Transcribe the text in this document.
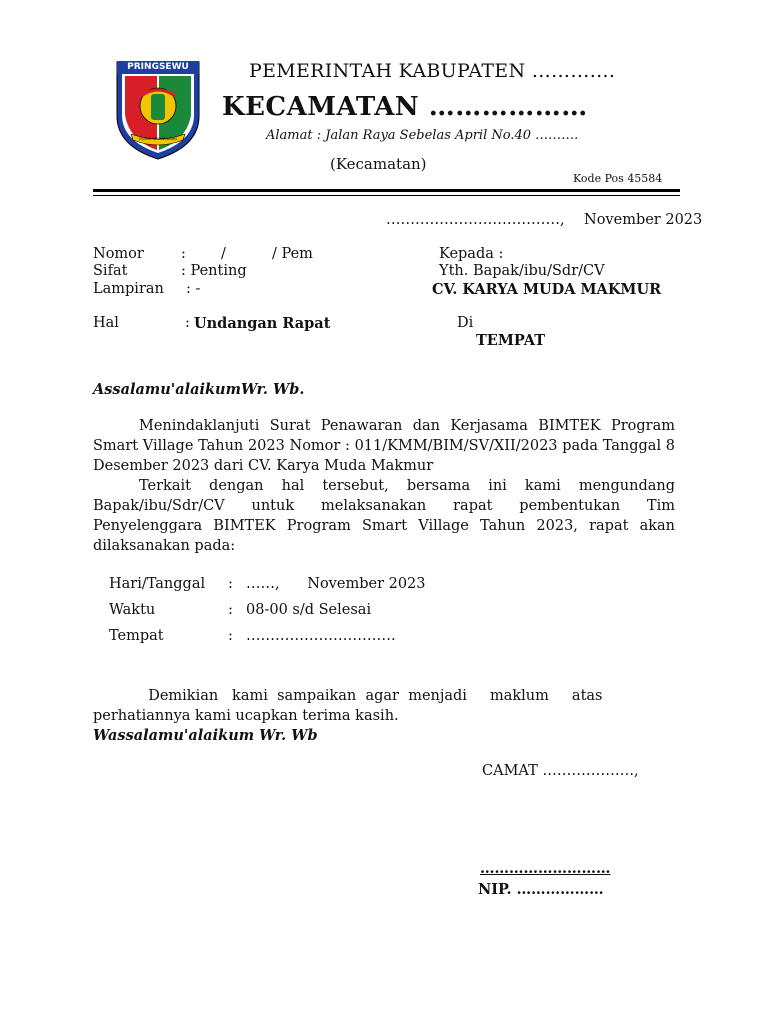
PRINGSEWU
JEJAMA SECANCANAN
PEMERINTAH KABUPATEN ………….
KECAMATAN ………………
Alamat : Jalan Raya Sebelas April No.40 ……….
(Kecamatan)
Kode Pos 45584
………………………………, November 2023
Nomor	: /          / Pem
Sifat	: Penting
Lampiran : -
Hal	: Undangan Rapat
Kepada :
Yth. Bapak/ibu/Sdr/CV
CV. KARYA MUDA MAKMUR
Di
TEMPAT
Assalamu'alaikumWr. Wb.
Menindaklanjuti Surat Penawaran dan Kerjasama BIMTEK Program Smart Village Tahun 2023 Nomor : 011/KMM/BIM/SV/XII/2023 pada Tanggal 8 Desember 2023 dari CV. Karya Muda Makmur
Terkait dengan hal tersebut, bersama ini kami mengundang Bapak/ibu/Sdr/CV untuk melaksanakan rapat pembentukan Tim Penyelenggara BIMTEK Program Smart Village Tahun 2023, rapat akan dilaksanakan pada:
Hari/Tanggal : ……,      November 2023
Waktu	: 08-00 s/d Selesai
Tempat	: ………………………….

Demikian   kami  sampaikan  agar  menjadi     maklum     atas perhatiannya kami ucapkan terima kasih.

Wassalamu'alaikum Wr. Wb
CAMAT ……………….,
………………………
NIP. ………………
